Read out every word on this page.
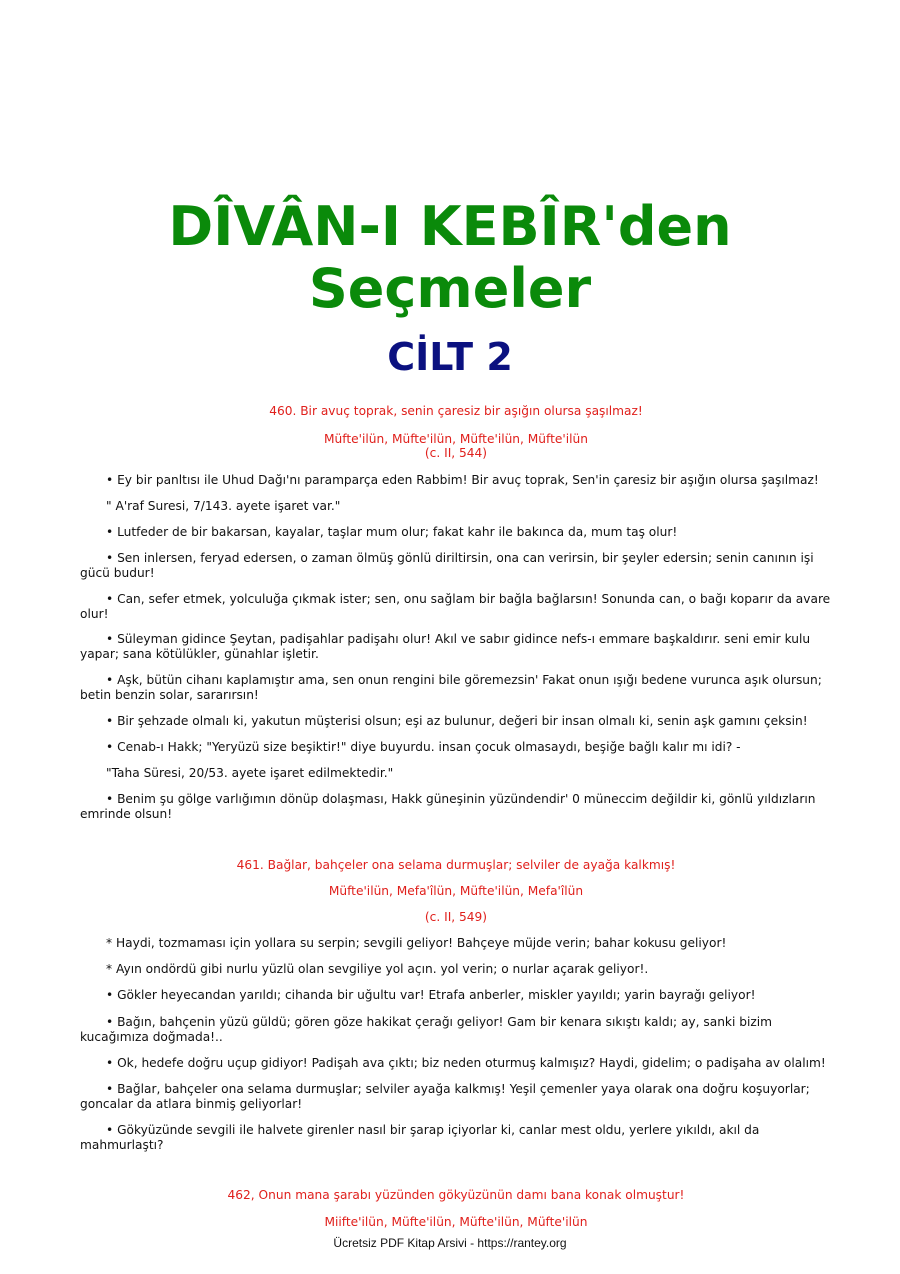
DÎVÂN-I KEBÎR'den
Seçmeler
CİLT 2
460. Bir avuç toprak, senin çaresiz bir aşığın olursa şaşılmaz!
Müfte'ilün, Müfte'ilün, Müfte'ilün, Müfte'ilün
(c. II, 544)
• Ey bir panltısı ile Uhud Dağı'nı paramparça eden Rabbim! Bir avuç toprak, Sen'in çaresiz bir aşığın olursa şaşılmaz!
" A'raf Suresi, 7/143. ayete işaret var."
• Lutfeder de bir bakarsan, kayalar, taşlar mum olur; fakat kahr ile bakınca da, mum taş olur!
• Sen inlersen, feryad edersen, o zaman ölmüş gönlü diriltirsin, ona can verirsin, bir şeyler edersin; senin canının işi gücü budur!
• Can, sefer etmek, yolculuğa çıkmak ister; sen, onu sağlam bir bağla bağlarsın! Sonunda can, o bağı koparır da avare olur!
• Süleyman gidince Şeytan, padişahlar padişahı olur! Akıl ve sabır gidince nefs-ı emmare başkaldırır. seni emir kulu yapar; sana kötülükler, günahlar işletir.
• Aşk, bütün cihanı kaplamıştır ama, sen onun rengini bile göremezsin' Fakat onun ışığı bedene vurunca aşık olursun; betin benzin solar, sararırsın!
• Bir şehzade olmalı ki, yakutun müşterisi olsun; eşi az bulunur, değeri bir insan olmalı ki, senin aşk gamını çeksin!
• Cenab-ı Hakk; "Yeryüzü size beşiktir!" diye buyurdu. insan çocuk olmasaydı, beşiğe bağlı kalır mı idi? -
"Taha Süresi, 20/53. ayete işaret edilmektedir."
• Benim şu gölge varlığımın dönüp dolaşması, Hakk güneşinin yüzündendir' 0 müneccim değildir ki, gönlü yıldızların emrinde olsun!
461. Bağlar, bahçeler ona selama durmuşlar; selviler de ayağa kalkmış!
Müfte'ilün, Mefa'îlün, Müfte'ilün, Mefa'îlün
(c. II, 549)
* Haydi, tozmaması için yollara su serpin; sevgili geliyor! Bahçeye müjde verin; bahar kokusu geliyor!
* Ayın ondördü gibi nurlu yüzlü olan sevgiliye yol açın. yol verin; o nurlar açarak geliyor!.
• Gökler heyecandan yarıldı; cihanda bir uğultu var! Etrafa anberler, miskler yayıldı; yarin bayrağı geliyor!
• Bağın, bahçenin yüzü güldü; gören göze hakikat çerağı geliyor! Gam bir kenara sıkıştı kaldı; ay, sanki bizim kucağımıza doğmada!..
• Ok, hedefe doğru uçup gidiyor! Padişah ava çıktı; biz neden oturmuş kalmışız? Haydi, gidelim; o padişaha av olalım!
• Bağlar, bahçeler ona selama durmuşlar; selviler ayağa kalkmış! Yeşil çemenler yaya olarak ona doğru koşuyorlar; goncalar da atlara binmiş geliyorlar!
• Gökyüzünde sevgili ile halvete girenler nasıl bir şarap içiyorlar ki, canlar mest oldu, yerlere yıkıldı, akıl da mahmurlaştı?
462, Onun mana şarabı yüzünden gökyüzünün damı bana konak olmuştur!
Miifte'ilün, Müfte'ilün, Müfte'ilün, Müfte'ilün
Ücretsiz PDF Kitap Arsivi - https://rantey.org
